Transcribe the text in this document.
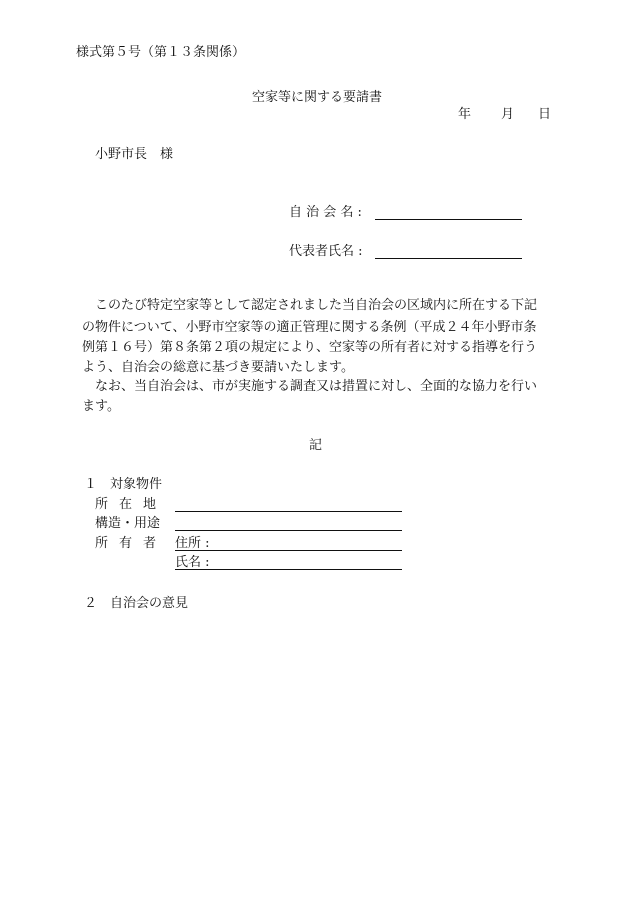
様式第５号（第１３条関係）
空家等に関する要請書
年 月 日
小野市長　様
自 治 会 名 :
代表者氏名 :
　このたび特定空家等として認定されました当自治会の区域内に所在する下記
の物件について、小野市空家等の適正管理に関する条例（平成２４年小野市条
例第１６号）第８条第２項の規定により、空家等の所有者に対する指導を行う
よう、自治会の総意に基づき要請いたします。
　なお、当自治会は、市が実施する調査又は措置に対し、全面的な協力を行い
ます。
記
１　対象物件
所在地
構造・用途
所有者 住所 :
氏名 :
２　自治会の意見
